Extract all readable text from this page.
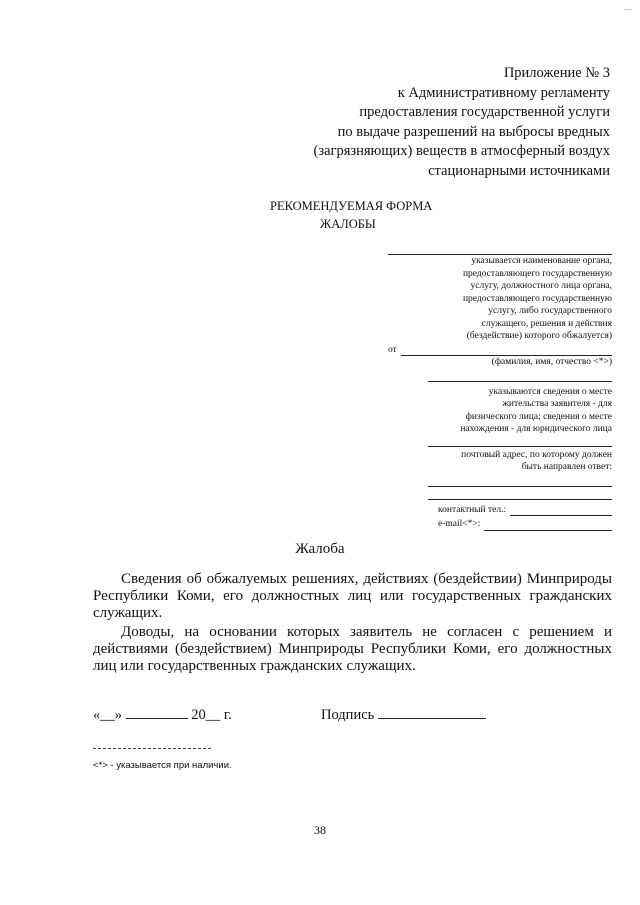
—
Приложение № 3
к Административному регламенту
предоставления государственной услуги
по выдаче разрешений на выбросы вредных
(загрязняющих) веществ в атмосферный воздух
стационарными источниками
РЕКОМЕНДУЕМАЯ ФОРМА
ЖАЛОБЫ
указывается наименование органа,
предоставляющего государственную
услугу, должностного лица органа,
предоставляющего государственную
услугу, либо государственного
служащего, решения и действия
(бездействие) которого обжалуется)
от
(фамилия, имя, отчество <*>)
указываются сведения о месте
жительства заявителя - для
физического лица; сведения о месте
нахождения - для юридического лица
почтовый адрес, по которому должен
быть направлен ответ:
контактный тел.:
e-mail<*>:
Жалоба

Сведения об обжалуемых решениях, действиях (бездействии) Минприроды Республики Коми, его должностных лиц или государственных гражданских служащих.

Доводы, на основании которых заявитель не согласен с решением и действиями (бездействием) Минприроды Республики Коми, его должностных лиц или государственных гражданских служащих.

«__»	20__ г.	Подпись
<*> - указывается при наличии.
38
